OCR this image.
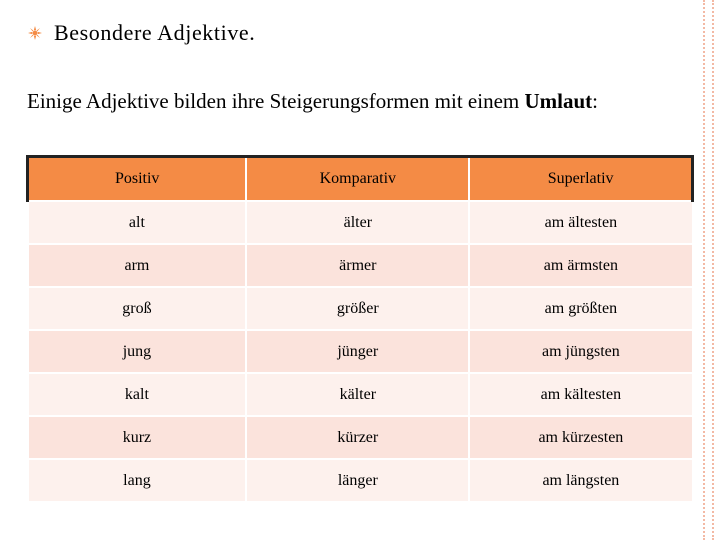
Besondere Adjektive.
Einige Adjektive bilden ihre Steigerungsformen mit einem Umlaut:
Positiv	Komparativ	Superlativ
alt	älter	am ältesten
arm	ärmer	am ärmsten
groß	größer	am größten
jung	jünger	am jüngsten
kalt	kälter	am kältesten
kurz	kürzer	am kürzesten
lang	länger	am längsten
